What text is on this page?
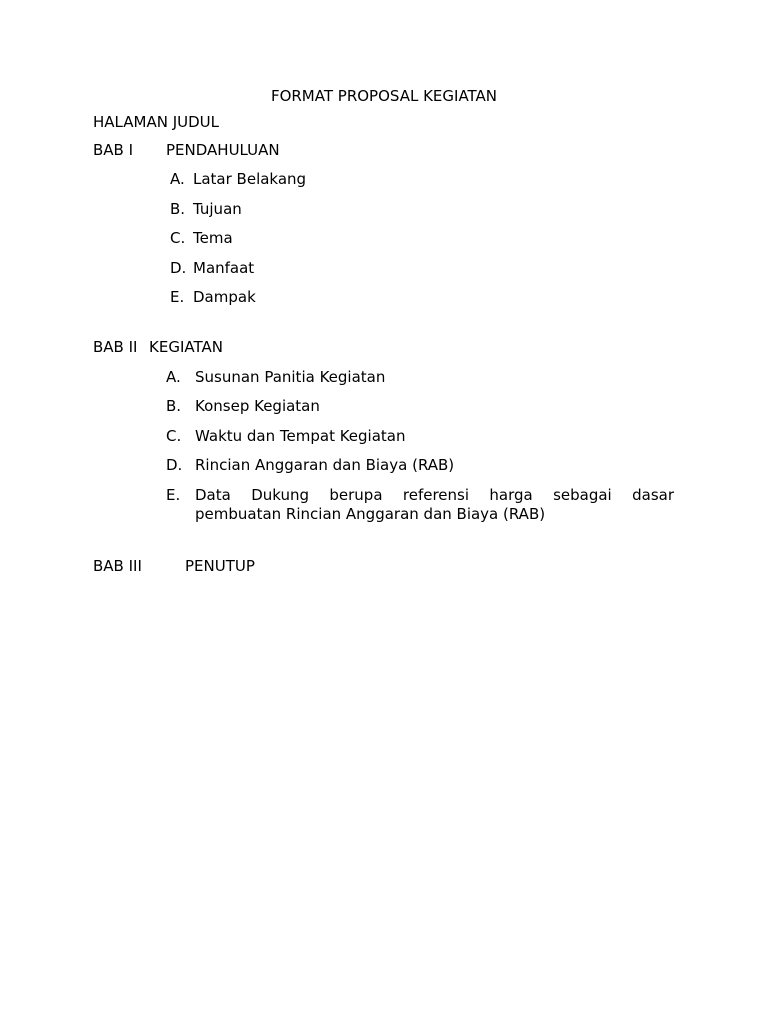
FORMAT PROPOSAL KEGIATAN
HALAMAN JUDUL
BAB I PENDAHULUAN
A. Latar Belakang
B. Tujuan
C. Tema
D. Manfaat
E. Dampak
BAB II KEGIATAN
A. Susunan Panitia Kegiatan
B. Konsep Kegiatan
C. Waktu dan Tempat Kegiatan
D. Rincian Anggaran dan Biaya (RAB)
E. Data Dukung berupa referensi harga sebagai dasar
pembuatan Rincian Anggaran dan Biaya (RAB)
BAB III	PENUTUP
